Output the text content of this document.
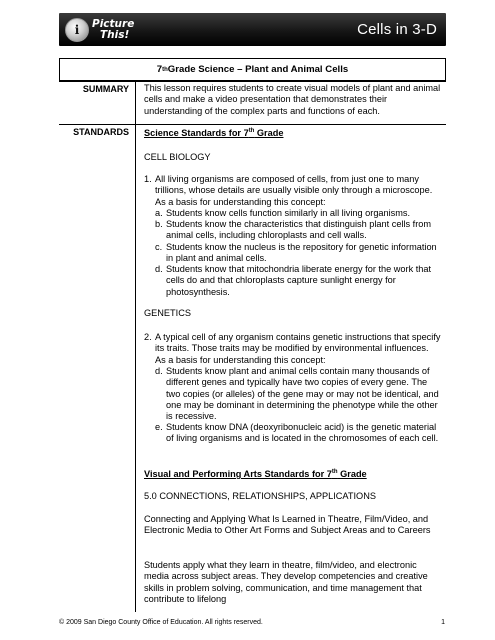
i	Picture
This!	Cells in 3-D
7 th Grade Science – Plant and Animal Cells
SUMMARY	This lesson requires students to create visual models of plant and animal cells and make a video presentation that demonstrates their understanding of the complex parts and functions of each.

STANDARDS	Science Standards for 7th Grade
CELL BIOLOGY
1. All living organisms are composed of cells, from just one to many trillions, whose details are usually visible only through a microscope. As a basis for understanding this concept:
a. Students know cells function similarly in all living organisms.
b. Students know the characteristics that distinguish plant cells from animal cells, including chloroplasts and cell walls.
c. Students know the nucleus is the repository for genetic information in plant and animal cells.
d. Students know that mitochondria liberate energy for the work that cells do and that chloroplasts capture sunlight energy for photosynthesis.
GENETICS
2. A typical cell of any organism contains genetic instructions that specify its traits. Those traits may be modified by environmental influences. As a basis for understanding this concept:
d. Students know plant and animal cells contain many thousands of different genes and typically have two copies of every gene. The two copies (or alleles) of the gene may or may not be identical, and one may be dominant in determining the phenotype while the other is recessive.
e. Students know DNA (deoxyribonucleic acid) is the genetic material of living organisms and is located in the chromosomes of each cell.
Visual and Performing Arts Standards for 7th Grade
5.0 CONNECTIONS, RELATIONSHIPS, APPLICATIONS

Connecting and Applying What Is Learned in Theatre, Film/Video, and Electronic Media to Other Art Forms and Subject Areas and to Careers

Students apply what they learn in theatre, film/video, and electronic media across subject areas. They develop competencies and creative skills in problem solving, communication, and time management that contribute to lifelong

© 2009 San Diego County Office of Education. All rights reserved.	1
